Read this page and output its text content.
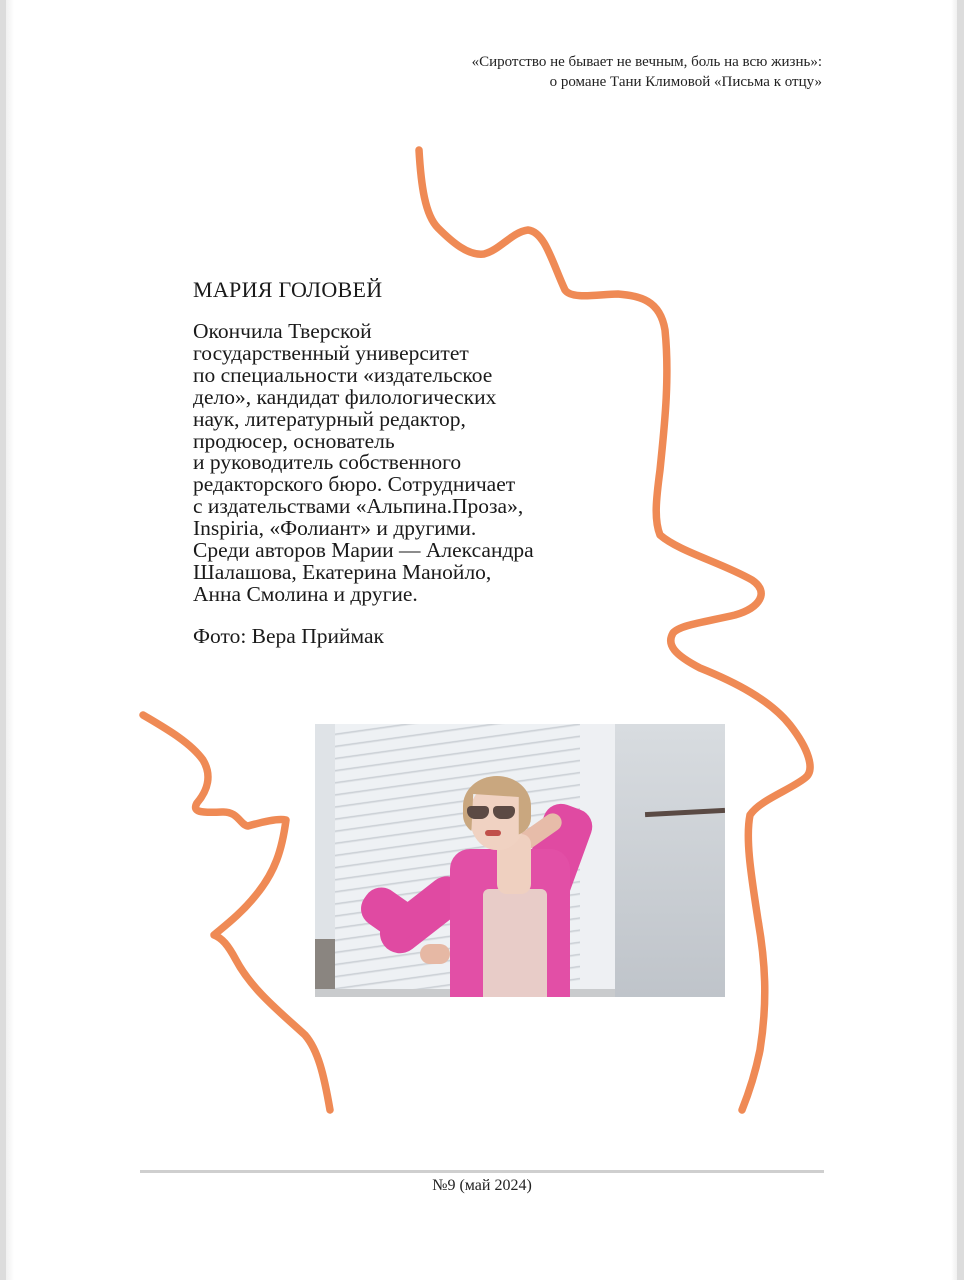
«Сиротство не бывает не вечным, боль на всю жизнь»:
о романе Тани Климовой «Письма к отцу»
МАРИЯ ГОЛОВЕЙ
Окончила Тверской
государственный университет
по специальности «издательское
дело», кандидат филологических
наук, литературный редактор,
продюсер, основатель
и руководитель собственного
редакторского бюро. Сотрудничает
с издательствами «Альпина.Проза»,
Inspiria, «Фолиант» и другими.
Среди авторов Марии — Александра
Шалашова, Екатерина Манойло,
Анна Смолина и другие.
Фото: Вера Приймак
№9 (май 2024)
